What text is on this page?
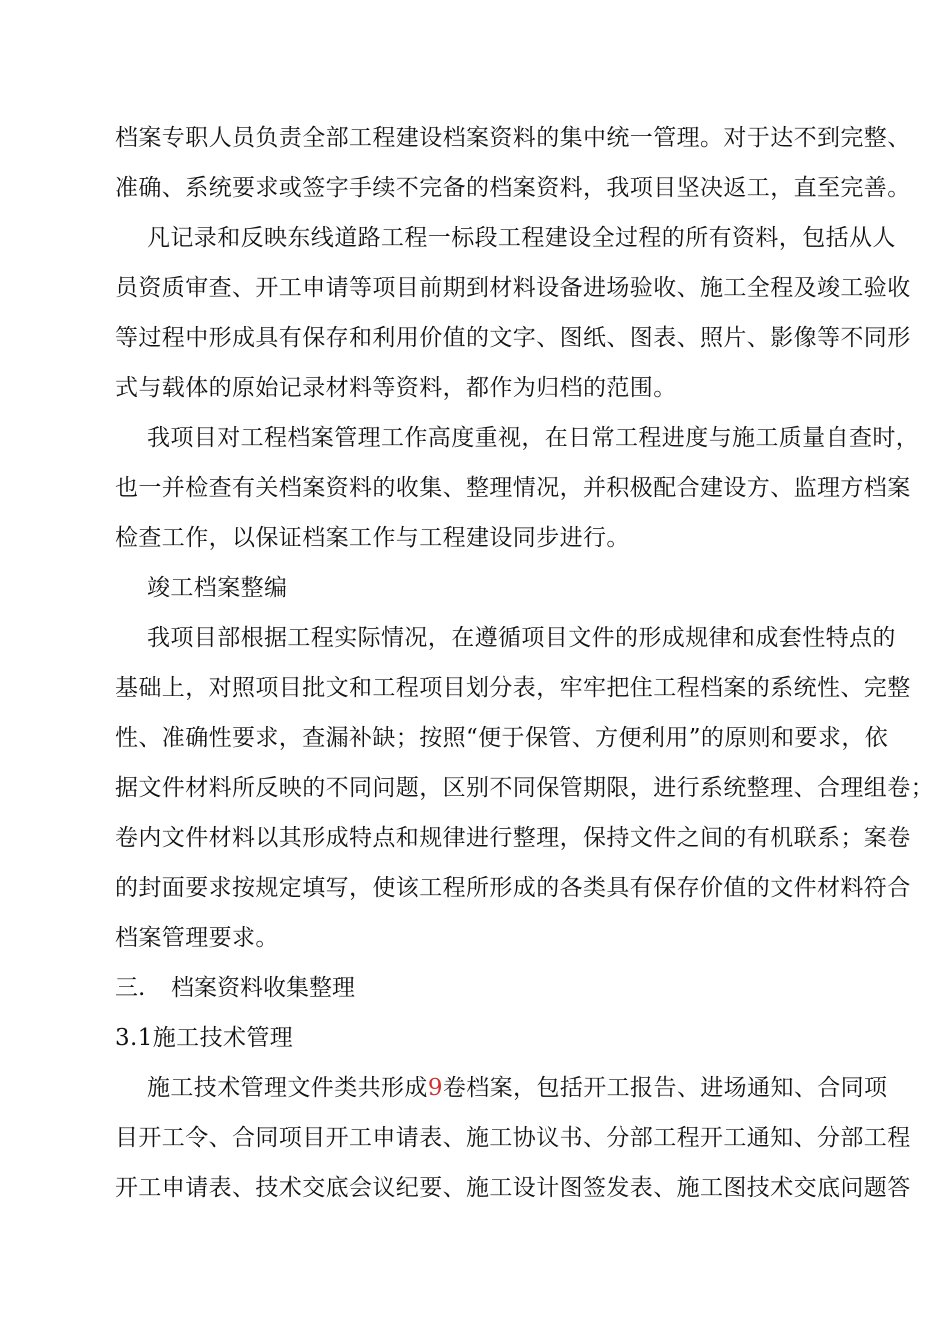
档案专职人员负责全部工程建设档案资料的集中统一管理。对于达不到完整、
准确、系统要求或签字手续不完备的档案资料，我项目坚决返工，直至完善。
凡记录和反映东线道路工程一标段工程建设全过程的所有资料，包括从人
员资质审查、开工申请等项目前期到材料设备进场验收、施工全程及竣工验收
等过程中形成具有保存和利用价值的文字、图纸、图表、照片、影像等不同形
式与载体的原始记录材料等资料，都作为归档的范围。
我项目对工程档案管理工作高度重视，在日常工程进度与施工质量自查时，
也一并检查有关档案资料的收集、整理情况，并积极配合建设方、监理方档案
检查工作，以保证档案工作与工程建设同步进行。
竣工档案整编
我项目部根据工程实际情况，在遵循项目文件的形成规律和成套性特点的
基础上，对照项目批文和工程项目划分表，牢牢把住工程档案的系统性、完整
性、准确性要求，查漏补缺；按照“便于保管、方便利用”的原则和要求，依
据文件材料所反映的不同问题，区别不同保管期限，进行系统整理、合理组卷；
卷内文件材料以其形成特点和规律进行整理，保持文件之间的有机联系；案卷
的封面要求按规定填写，使该工程所形成的各类具有保存价值的文件材料符合
档案管理要求。
三. 档案资料收集整理
3.1施工技术管理
施工技术管理文件类共形成9卷档案，包括开工报告、进场通知、合同项
目开工令、合同项目开工申请表、施工协议书、分部工程开工通知、分部工程
开工申请表、技术交底会议纪要、施工设计图签发表、施工图技术交底问题答
